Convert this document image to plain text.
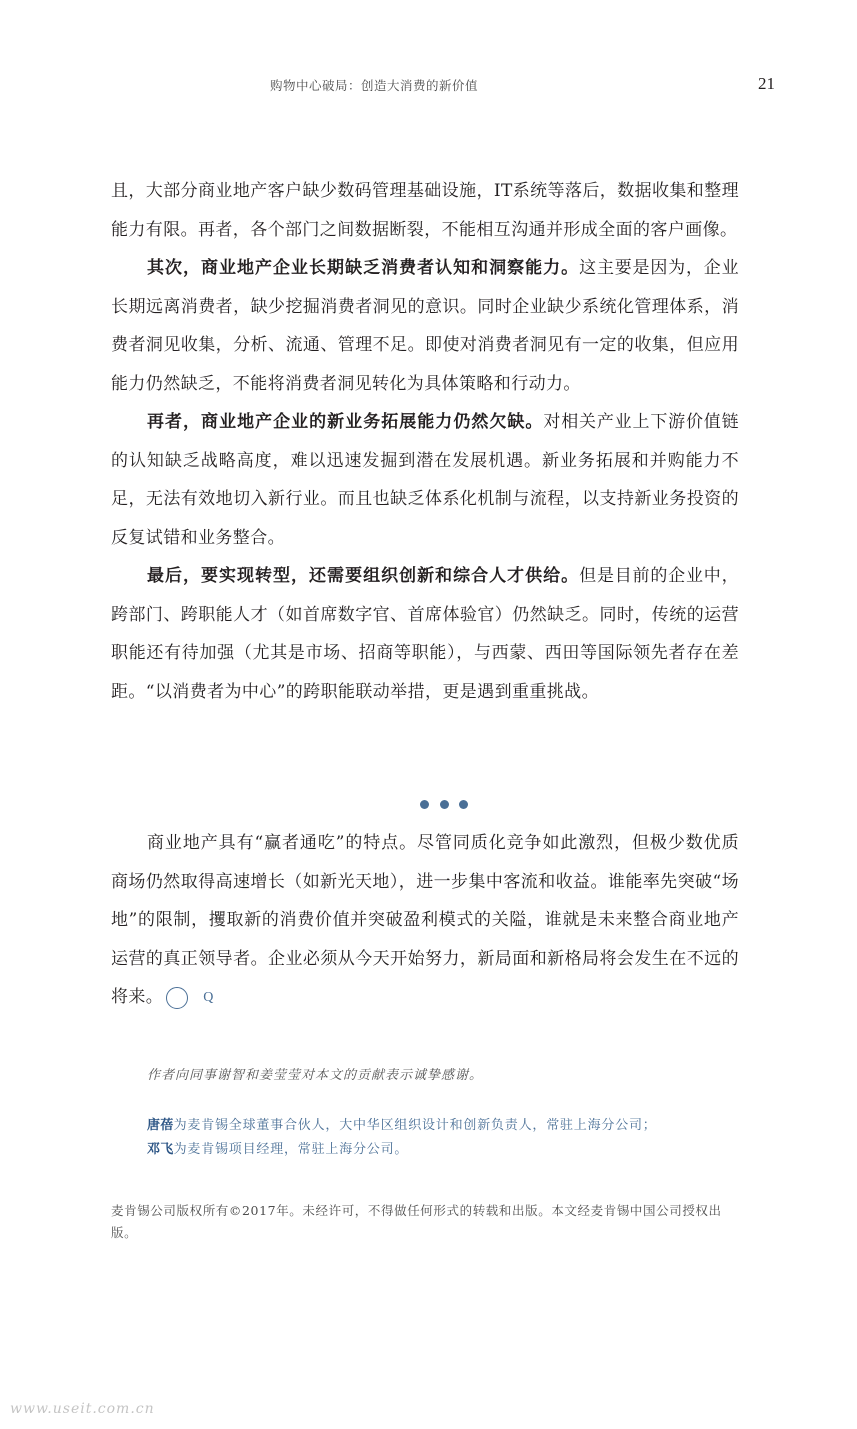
购物中心破局：创造大消费的新价值	21

且，大部分商业地产客户缺少数码管理基础设施，IT系统等落后，数据收集和整理能力有限。再者，各个部门之间数据断裂，不能相互沟通并形成全面的客户画像。

其次，商业地产企业长期缺乏消费者认知和洞察能力。这主要是因为，企业长期远离消费者，缺少挖掘消费者洞见的意识。同时企业缺少系统化管理体系，消费者洞见收集，分析、流通、管理不足。即使对消费者洞见有一定的收集，但应用能力仍然缺乏，不能将消费者洞见转化为具体策略和行动力。

再者，商业地产企业的新业务拓展能力仍然欠缺。对相关产业上下游价值链的认知缺乏战略高度，难以迅速发掘到潜在发展机遇。新业务拓展和并购能力不足，无法有效地切入新行业。而且也缺乏体系化机制与流程，以支持新业务投资的反复试错和业务整合。

最后，要实现转型，还需要组织创新和综合人才供给。但是目前的企业中，跨部门、跨职能人才（如首席数字官、首席体验官）仍然缺乏。同时，传统的运营职能还有待加强（尤其是市场、招商等职能），与西蒙、西田等国际领先者存在差距。“以消费者为中心”的跨职能联动举措，更是遇到重重挑战。

商业地产具有“赢者通吃”的特点。尽管同质化竞争如此激烈，但极少数优质商场仍然取得高速增长（如新光天地），进一步集中客流和收益。谁能率先突破“场地”的限制，攫取新的消费价值并突破盈利模式的关隘，谁就是未来整合商业地产运营的真正领导者。企业必须从今天开始努力，新局面和新格局将会发生在不远的将来。	Q

作者向同事谢智和姜莹莹对本文的贡献表示诚挚感谢。

唐蓓为麦肯锡全球董事合伙人，大中华区组织设计和创新负责人，常驻上海分公司；

邓飞为麦肯锡项目经理，常驻上海分公司。

麦肯锡公司版权所有©2017年。未经许可，不得做任何形式的转载和出版。本文经麦肯锡中国公司授权出版。

www.useit.com.cn
